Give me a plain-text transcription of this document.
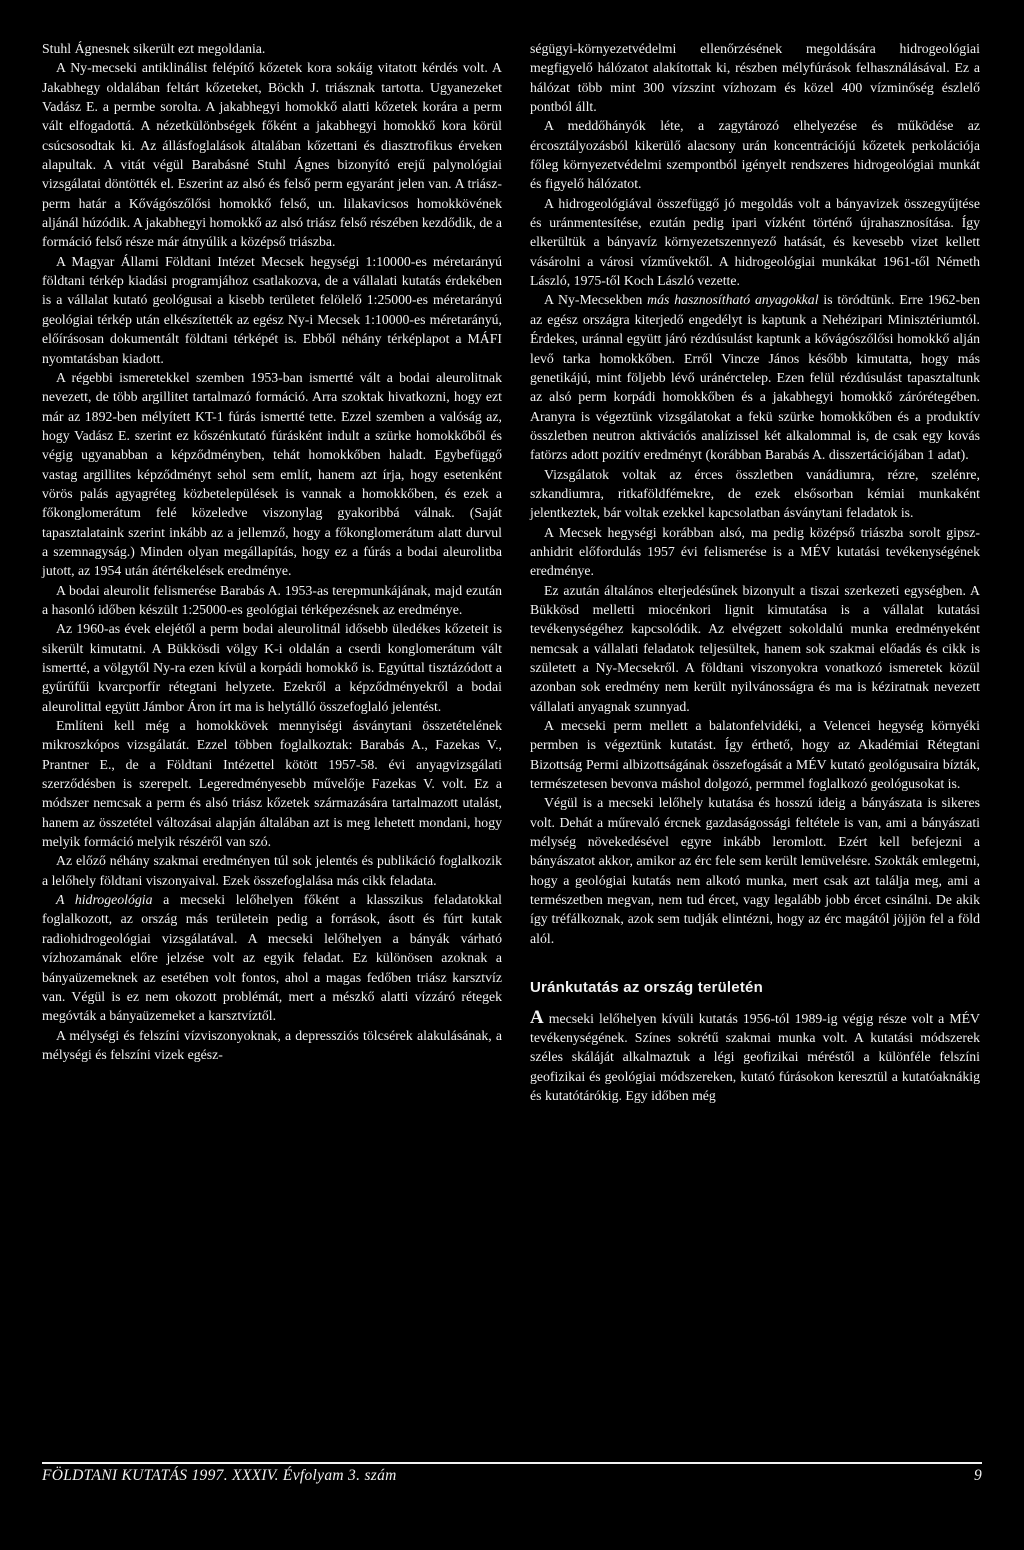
Stuhl Ágnesnek sikerült ezt megoldania.

A Ny-mecseki antiklinálist felépítő kőzetek kora sokáig vitatott kérdés volt. A Jakabhegy oldalában feltárt kőzeteket, Böckh J. triásznak tartotta. Ugyanezeket Vadász E. a permbe sorolta. A jakabhegyi homokkő alatti kőzetek korára a perm vált elfogadottá. A nézetkülönbségek főként a jakabhegyi homokkő kora körül csúcsosodtak ki. Az állásfoglalások általában kőzettani és diasztrofikus érveken alapultak. A vitát végül Barabásné Stuhl Ágnes bizonyító erejű palynológiai vizsgálatai döntötték el. Eszerint az alsó és felső perm egyaránt jelen van. A triász-perm határ a Kővágószőlősi homokkő felső, un. lilakavicsos homokkövének aljánál húzódik. A jakabhegyi homokkő az alsó triász felső részében kezdődik, de a formáció felső része már átnyúlik a középső triászba.

A Magyar Állami Földtani Intézet Mecsek hegységi 1:10000-es méretarányú földtani térkép kiadási programjához csatlakozva, de a vállalati kutatás érdekében is a vállalat kutató geológusai a kisebb területet felölelő 1:25000-es méretarányú geológiai térkép után elkészítették az egész Ny-i Mecsek 1:10000-es méretarányú, előírásosan dokumentált földtani térképét is. Ebből néhány térképlapot a MÁFI nyomtatásban kiadott.

A régebbi ismeretekkel szemben 1953-ban ismertté vált a bodai aleurolitnak nevezett, de több argillitet tartalmazó formáció. Arra szoktak hivatkozni, hogy ezt már az 1892-ben mélyített KT-1 fúrás ismertté tette. Ezzel szemben a valóság az, hogy Vadász E. szerint ez kőszénkutató fúrásként indult a szürke homokkőből és végig ugyanabban a képződményben, tehát homokkőben haladt. Egybefüggő vastag argillites képződményt sehol sem említ, hanem azt írja, hogy esetenként vörös palás agyagréteg közbetelepülések is vannak a homokkőben, és ezek a főkonglomerátum felé közeledve viszonylag gyakoribbá válnak. (Saját tapasztalataink szerint inkább az a jellemző, hogy a főkonglomerátum alatt durvul a szemnagyság.) Minden olyan megállapítás, hogy ez a fúrás a bodai aleurolitba jutott, az 1954 után átértékelések eredménye.

A bodai aleurolit felismerése Barabás A. 1953-as terepmunkájának, majd ezután a hasonló időben készült 1:25000-es geológiai térképezésnek az eredménye.

Az 1960-as évek elejétől a perm bodai aleurolitnál idősebb üledékes kőzeteit is sikerült kimutatni. A Bükkösdi völgy K-i oldalán a cserdi konglomerátum vált ismertté, a völgytől Ny-ra ezen kívül a korpádi homokkő is. Egyúttal tisztázódott a gyűrűfűi kvarcporfír rétegtani helyzete. Ezekről a képződményekről a bodai aleurolittal együtt Jámbor Áron írt ma is helytálló összefoglaló jelentést.

Említeni kell még a homokkövek mennyiségi ásványtani összetételének mikroszkópos vizsgálatát. Ezzel többen foglalkoztak: Barabás A., Fazekas V., Prantner E., de a Földtani Intézettel kötött 1957-58. évi anyagvizsgálati szerződésben is szerepelt. Legeredményesebb művelője Fazekas V. volt. Ez a módszer nemcsak a perm és alsó triász kőzetek származására tartalmazott utalást, hanem az összetétel változásai alapján általában azt is meg lehetett mondani, hogy melyik formáció melyik részéről van szó.

Az előző néhány szakmai eredményen túl sok jelentés és publikáció foglalkozik a lelőhely földtani viszonyaival. Ezek összefoglalása más cikk feladata.

A hidrogeológia a mecseki lelőhelyen főként a klasszikus feladatokkal foglalkozott, az ország más területein pedig a források, ásott és fúrt kutak radiohidrogeológiai vizsgálatával. A mecseki lelőhelyen a bányák várható vízhozamának előre jelzése volt az egyik feladat. Ez különösen azoknak a bányaüzemeknek az esetében volt fontos, ahol a magas fedőben triász karsztvíz van. Végül is ez nem okozott problémát, mert a mészkő alatti vízzáró rétegek megóvták a bányaüzemeket a karsztvíztől.

A mélységi és felszíni vízviszonyoknak, a depressziós tölcsérek alakulásának, a mélységi és felszíni vizek egész-

ségügyi-környezetvédelmi ellenőrzésének megoldására hidrogeológiai megfigyelő hálózatot alakítottak ki, részben mélyfúrások felhasználásával. Ez a hálózat több mint 300 vízszint vízhozam és közel 400 vízminőség észlelő pontból állt.

A meddőhányók léte, a zagytározó elhelyezése és működése az ércosztályozásból kikerülő alacsony urán koncentrációjú kőzetek perkolációja főleg környezetvédelmi szempontból igényelt rendszeres hidrogeológiai munkát és figyelő hálózatot.

A hidrogeológiával összefüggő jó megoldás volt a bányavizek összegyűjtése és uránmentesítése, ezután pedig ipari vízként történő újrahasznosítása. Így elkerültük a bányavíz környezetszennyező hatását, és kevesebb vizet kellett vásárolni a városi vízművektől. A hidrogeológiai munkákat 1961-től Németh László, 1975-től Koch László vezette.

A Ny-Mecsekben más hasznosítható anyagokkal is töródtünk. Erre 1962-ben az egész országra kiterjedő engedélyt is kaptunk a Nehézipari Minisztériumtól. Érdekes, uránnal együtt járó rézdúsulást kaptunk a kővágószőlősi homokkő alján levő tarka homokkőben. Erről Vincze János később kimutatta, hogy más genetikájú, mint följebb lévő uránércteleр. Ezen felül rézdúsulást tapasztaltunk az alsó perm korpádi homokkőben és a jakabhegyi homokkő zárórétegében. Aranyra is végeztünk vizsgálatokat a fekü szürke homokkőben és a produktív összletben neutron aktivációs analízissel két alkalommal is, de csak egy kovás fatörzs adott pozitív eredményt (korábban Barabás A. disszertációjában 1 adat).

Vizsgálatok voltak az érces összletben vanádiumra, rézre, szelénre, szkandiumra, ritkaföldfémekre, de ezek elsősorban kémiai munkaként jelentkeztek, bár voltak ezekkel kapcsolatban ásványtani feladatok is.

A Mecsek hegységi korábban alsó, ma pedig középső triászba sorolt gipsz-anhidrit előfordulás 1957 évi felismerése is a MÉV kutatási tevékenységének eredménye.

Ez azután általános elterjedésűnek bizonyult a tiszai szerkezeti egységben. A Bükkösd melletti miocénkori lignit kimutatása is a vállalat kutatási tevékenységéhez kapcsolódik. Az elvégzett sokoldalú munka eredményeként nemcsak a vállalati feladatok teljesültek, hanem sok szakmai előadás és cikk is született a Ny-Mecsekről. A földtani viszonyokra vonatkozó ismeretek közül azonban sok eredmény nem került nyilvánosságra és ma is kéziratnak nevezett vállalati anyagnak szunnyad.

A mecseki perm mellett a balatonfelvidéki, a Velencei hegység környéki permben is végeztünk kutatást. Így érthető, hogy az Akadémiai Rétegtani Bizottság Permi albizottságának összefogását a MÉV kutató geológusaira bízták, természetesen bevonva máshol dolgozó, permmel foglalkozó geológusokat is.

Végül is a mecseki lelőhely kutatása és hosszú ideig a bányászata is sikeres volt. Dehát a műrevaló ércnek gazdaságossági feltétele is van, ami a bányászati mélység növekedésével egyre inkább leromlott. Ezért kell befejezni a bányászatot akkor, amikor az érc fele sem került lemüvelésre. Szokták emlegetni, hogy a geológiai kutatás nem alkotó munka, mert csak azt találja meg, ami a természetben megvan, nem tud ércet, vagy legalább jobb ércet csinálni. De akik így tréfálkoznak, azok sem tudják elintézni, hogy az érc magától jöjjön fel a föld alól.

Uránkutatás az ország területén

A mecseki lelőhelyen kívüli kutatás 1956-tól 1989-ig végig része volt a MÉV tevékenységének. Színes sokrétű szakmai munka volt. A kutatási módszerek széles skáláját alkalmaztuk a légi geofizikai méréstől a különféle felszíni geofizikai és geológiai módszereken, kutató fúrásokon keresztül a kutatóaknákig és kutatótárókig. Egy időben még

FÖLDTANI KUTATÁS 1997. XXXIV. Évfolyam 3. szám	9
